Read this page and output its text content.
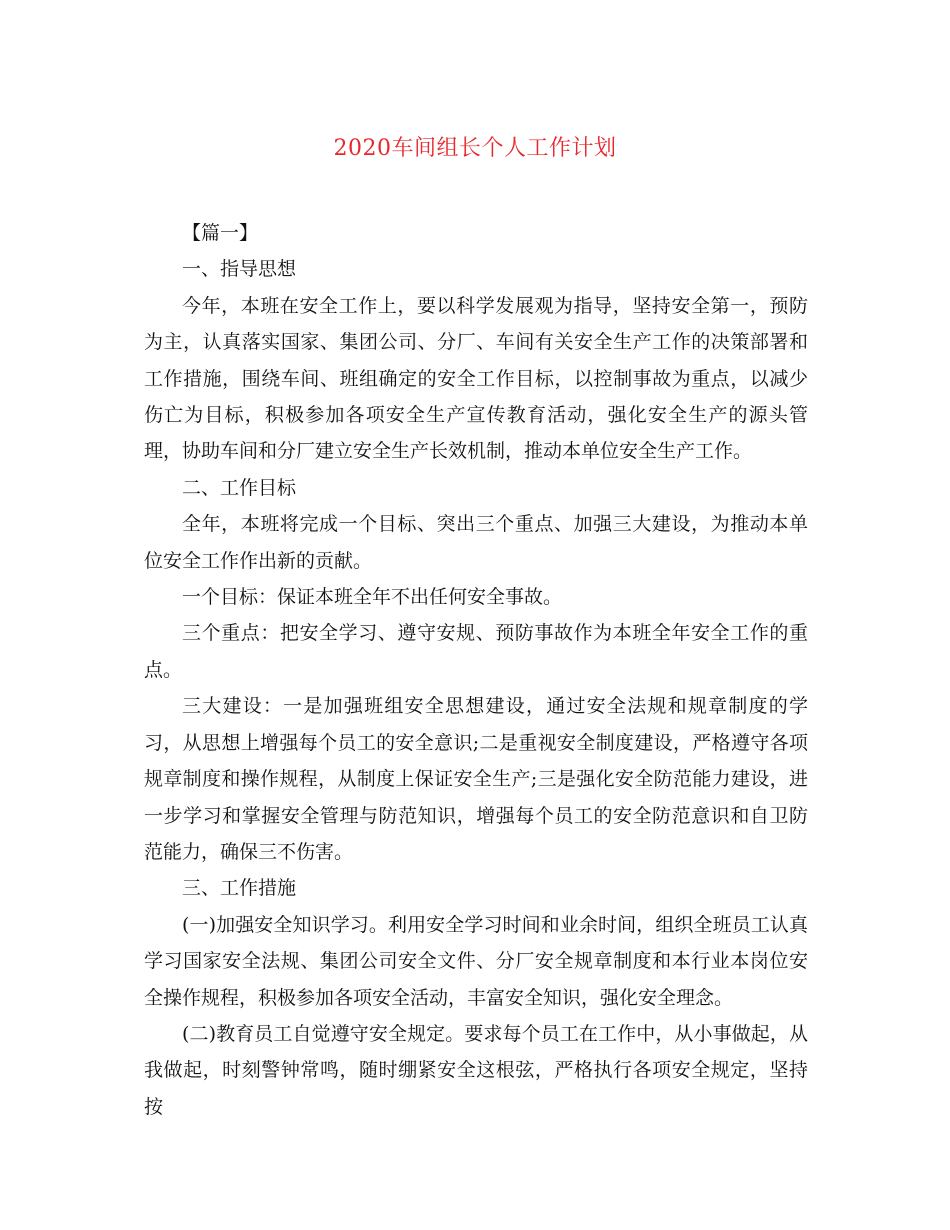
2020车间组长个人工作计划

【篇一】

一、指导思想

今年，本班在安全工作上，要以科学发展观为指导，坚持安全第一，预防为主，认真落实国家、集团公司、分厂、车间有关安全生产工作的决策部署和工作措施，围绕车间、班组确定的安全工作目标，以控制事故为重点，以减少伤亡为目标，积极参加各项安全生产宣传教育活动，强化安全生产的源头管理，协助车间和分厂建立安全生产长效机制，推动本单位安全生产工作。

二、工作目标

全年，本班将完成一个目标、突出三个重点、加强三大建设，为推动本单位安全工作作出新的贡献。

一个目标：保证本班全年不出任何安全事故。

三个重点：把安全学习、遵守安规、预防事故作为本班全年安全工作的重点。

三大建设：一是加强班组安全思想建设，通过安全法规和规章制度的学习，从思想上增强每个员工的安全意识;二是重视安全制度建设，严格遵守各项规章制度和操作规程，从制度上保证安全生产;三是强化安全防范能力建设，进一步学习和掌握安全管理与防范知识，增强每个员工的安全防范意识和自卫防范能力，确保三不伤害。

三、工作措施

(一)加强安全知识学习。利用安全学习时间和业余时间，组织全班员工认真学习国家安全法规、集团公司安全文件、分厂安全规章制度和本行业本岗位安全操作规程，积极参加各项安全活动，丰富安全知识，强化安全理念。

(二)教育员工自觉遵守安全规定。要求每个员工在工作中，从小事做起，从我做起，时刻警钟常鸣，随时绷紧安全这根弦，严格执行各项安全规定，坚持按
